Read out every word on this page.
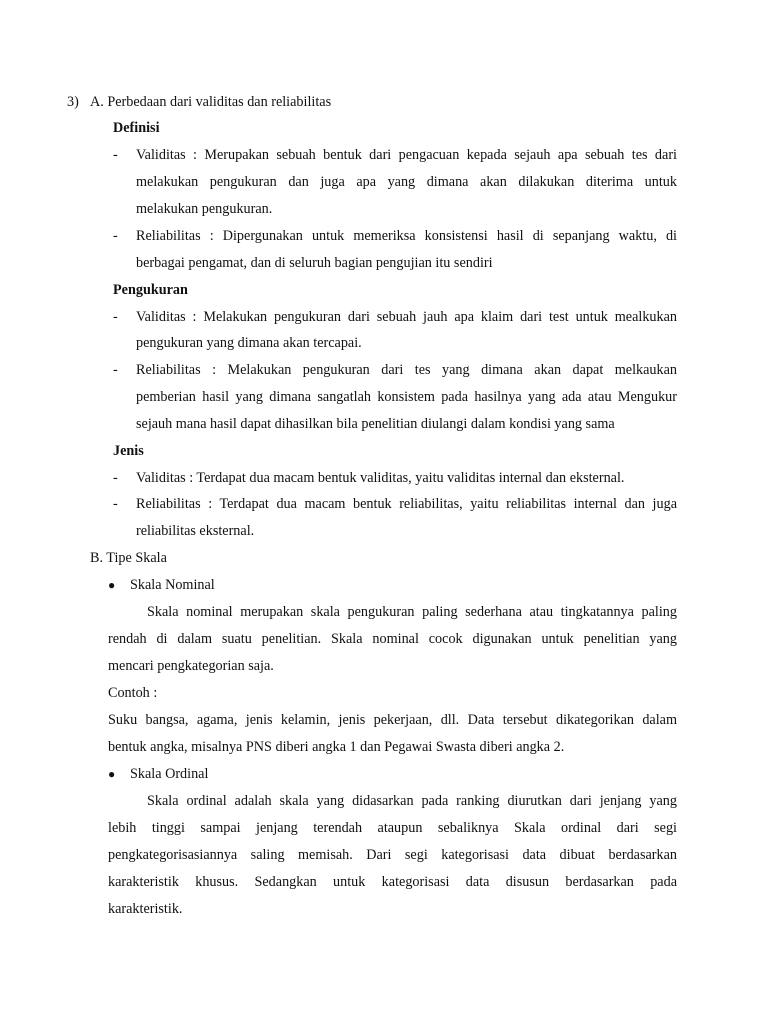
3) A. Perbedaan dari validitas dan reliabilitas
Definisi
- Validitas : Merupakan sebuah bentuk dari pengacuan kepada sejauh apa sebuah tes dari
melakukan pengukuran dan juga apa yang dimana akan dilakukan diterima untuk
melakukan pengukuran.
- Reliabilitas : Dipergunakan untuk memeriksa konsistensi hasil di sepanjang waktu, di
berbagai pengamat, dan di seluruh bagian pengujian itu sendiri
Pengukuran
- Validitas : Melakukan pengukuran dari sebuah jauh apa klaim dari test untuk mealkukan
pengukuran yang dimana akan tercapai.
- Reliabilitas : Melakukan pengukuran dari tes yang dimana akan dapat melkaukan
pemberian hasil yang dimana sangatlah konsistem pada hasilnya yang ada atau Mengukur
sejauh mana hasil dapat dihasilkan bila penelitian diulangi dalam kondisi yang sama
Jenis
- Validitas : Terdapat dua macam bentuk validitas, yaitu validitas internal dan eksternal.
- Reliabilitas : Terdapat dua macam bentuk reliabilitas, yaitu reliabilitas internal dan juga
reliabilitas eksternal.
B. Tipe Skala
● Skala Nominal
Skala nominal merupakan skala pengukuran paling sederhana atau tingkatannya paling
rendah di dalam suatu penelitian. Skala nominal cocok digunakan untuk penelitian yang
mencari pengkategorian saja.
Contoh :
Suku bangsa, agama, jenis kelamin, jenis pekerjaan, dll. Data tersebut dikategorikan dalam
bentuk angka, misalnya PNS diberi angka 1 dan Pegawai Swasta diberi angka 2.
● Skala Ordinal
Skala ordinal adalah skala yang didasarkan pada ranking diurutkan dari jenjang yang
lebih tinggi sampai jenjang terendah ataupun sebaliknya Skala ordinal dari segi
pengkategorisasiannya saling memisah. Dari segi kategorisasi data dibuat berdasarkan
karakteristik khusus. Sedangkan untuk kategorisasi data disusun berdasarkan pada
karakteristik.
